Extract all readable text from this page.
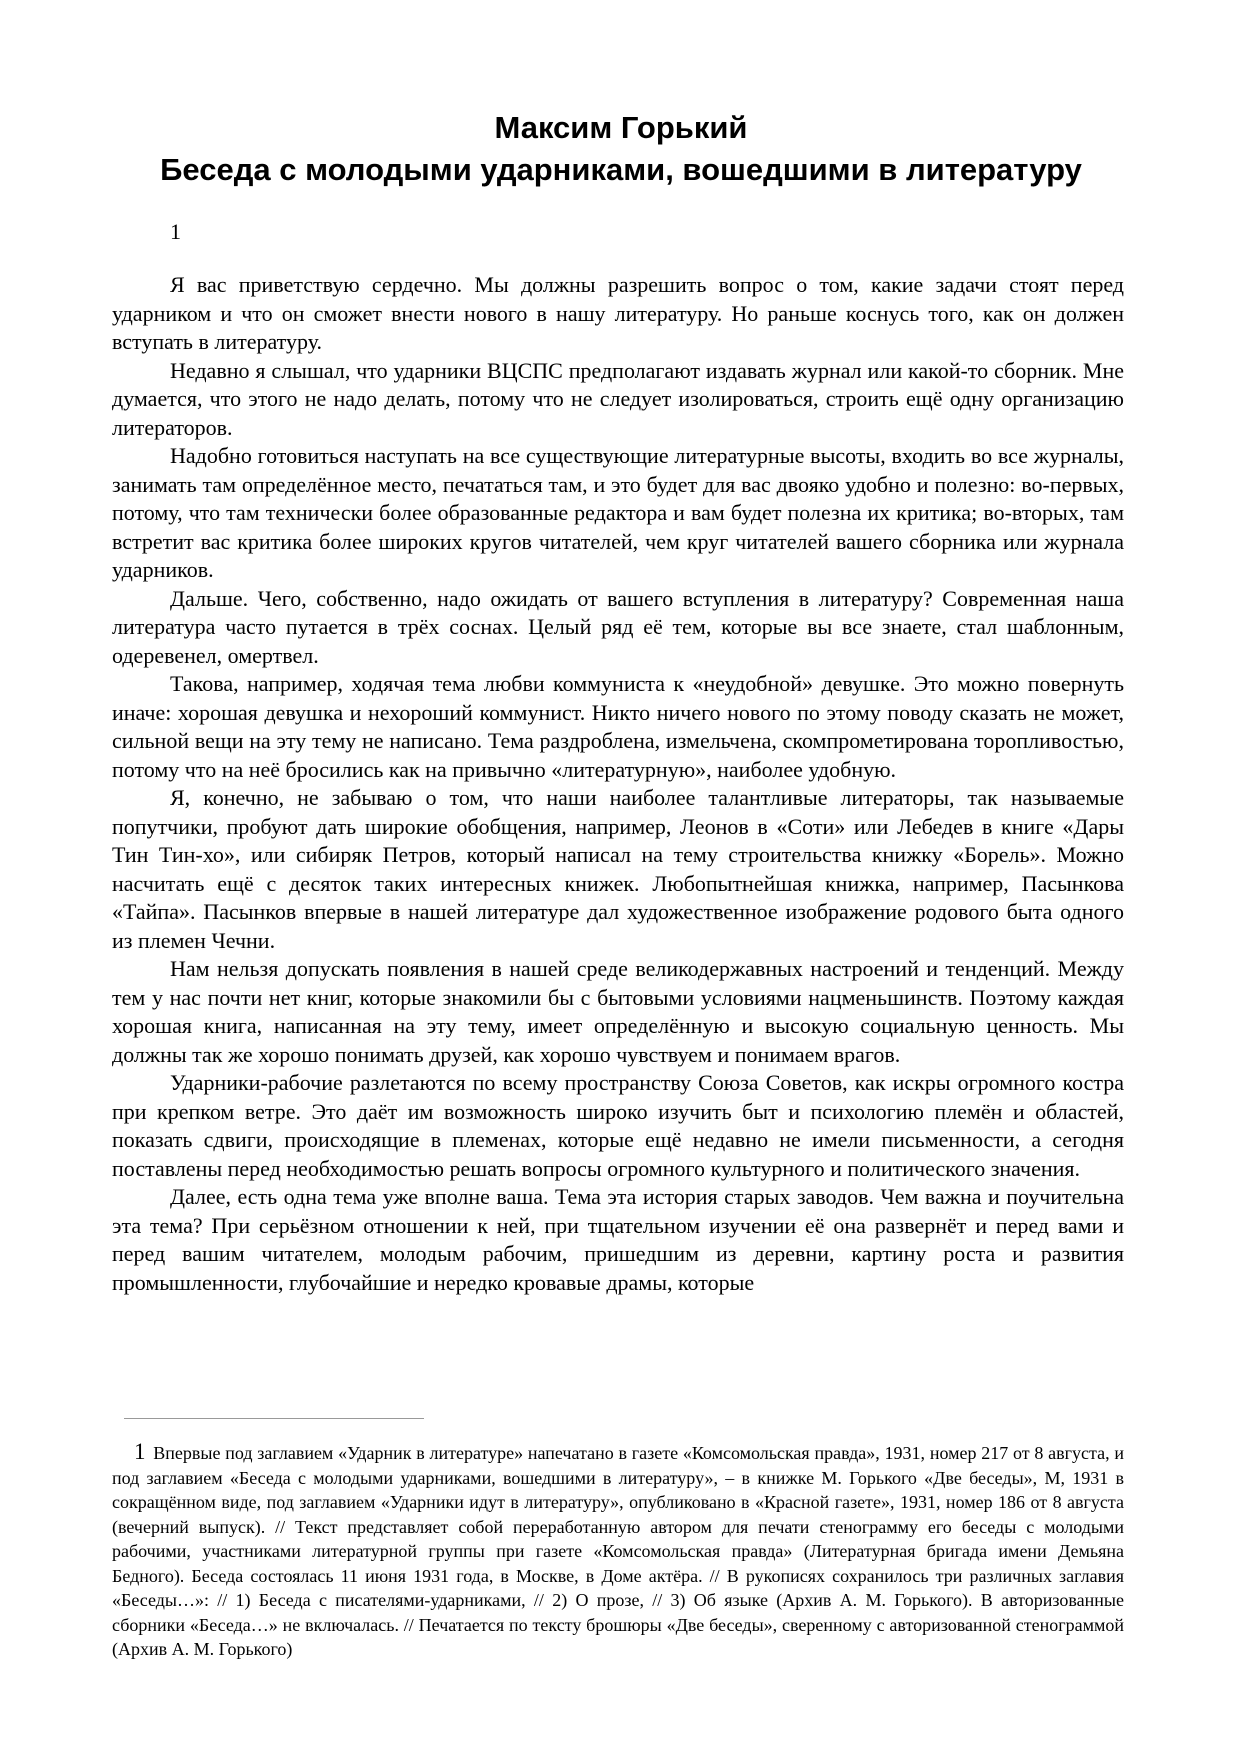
Максим Горький
Беседа с молодыми ударниками, вошедшими в литературу
1

Я вас приветствую сердечно. Мы должны разрешить вопрос о том, какие задачи стоят перед ударником и что он сможет внести нового в нашу литературу. Но раньше коснусь того, как он должен вступать в литературу.

Недавно я слышал, что ударники ВЦСПС предполагают издавать журнал или какой-то сборник. Мне думается, что этого не надо делать, потому что не следует изолироваться, строить ещё одну организацию литераторов.

Надобно готовиться наступать на все существующие литературные высоты, входить во все журналы, занимать там определённое место, печататься там, и это будет для вас двояко удобно и полезно: во-первых, потому, что там технически более образованные редактора и вам будет полезна их критика; во-вторых, там встретит вас критика более широких кругов читателей, чем круг читателей вашего сборника или журнала ударников.

Дальше. Чего, собственно, надо ожидать от вашего вступления в литературу? Современная наша литература часто путается в трёх соснах. Целый ряд её тем, которые вы все знаете, стал шаблонным, одеревенел, омертвел.

Такова, например, ходячая тема любви коммуниста к «неудобной» девушке. Это можно повернуть иначе: хорошая девушка и нехороший коммунист. Никто ничего нового по этому поводу сказать не может, сильной вещи на эту тему не написано. Тема раздроблена, измельчена, скомпрометирована торопливостью, потому что на неё бросились как на привычно «литературную», наиболее удобную.

Я, конечно, не забываю о том, что наши наиболее талантливые литераторы, так называемые попутчики, пробуют дать широкие обобщения, например, Леонов в «Соти» или Лебедев в книге «Дары Тин Тин-хо», или сибиряк Петров, который написал на тему строительства книжку «Борель». Можно насчитать ещё с десяток таких интересных книжек. Любопытнейшая книжка, например, Пасынкова «Тайпа». Пасынков впервые в нашей литературе дал художественное изображение родового быта одного из племен Чечни.

Нам нельзя допускать появления в нашей среде великодержавных настроений и тенденций. Между тем у нас почти нет книг, которые знакомили бы с бытовыми условиями нацменьшинств. Поэтому каждая хорошая книга, написанная на эту тему, имеет определённую и высокую социальную ценность. Мы должны так же хорошо понимать друзей, как хорошо чувствуем и понимаем врагов.

Ударники-рабочие разлетаются по всему пространству Союза Советов, как искры огромного костра при крепком ветре. Это даёт им возможность широко изучить быт и психологию племён и областей, показать сдвиги, происходящие в племенах, которые ещё недавно не имели письменности, а сегодня поставлены перед необходимостью решать вопросы огромного культурного и политического значения.

Далее, есть одна тема уже вполне ваша. Тема эта история старых заводов. Чем важна и поучительна эта тема? При серьёзном отношении к ней, при тщательном изучении её она развернёт и перед вами и перед вашим читателем, молодым рабочим, пришедшим из деревни, картину роста и развития промышленности, глубочайшие и нередко кровавые драмы, которые

1 Впервые под заглавием «Ударник в литературе» напечатано в газете «Комсомольская правда», 1931, номер 217 от 8 августа, и под заглавием «Беседа с молодыми ударниками, вошедшими в литературу», – в книжке М. Горького «Две беседы», М, 1931 в сокращённом виде, под заглавием «Ударники идут в литературу», опубликовано в «Красной газете», 1931, номер 186 от 8 августа (вечерний выпуск). // Текст представляет собой переработанную автором для печати стенограмму его беседы с молодыми рабочими, участниками литературной группы при газете «Комсомольская правда» (Литературная бригада имени Демьяна Бедного). Беседа состоялась 11 июня 1931 года, в Москве, в Доме актёра. // В рукописях сохранилось три различных заглавия «Беседы…»: // 1) Беседа с писателями-ударниками, // 2) О прозе, // 3) Об языке (Архив А. М. Горького). В авторизованные сборники «Беседа…» не включалась. // Печатается по тексту брошюры «Две беседы», сверенному с авторизованной стенограммой (Архив А. М. Горького)
